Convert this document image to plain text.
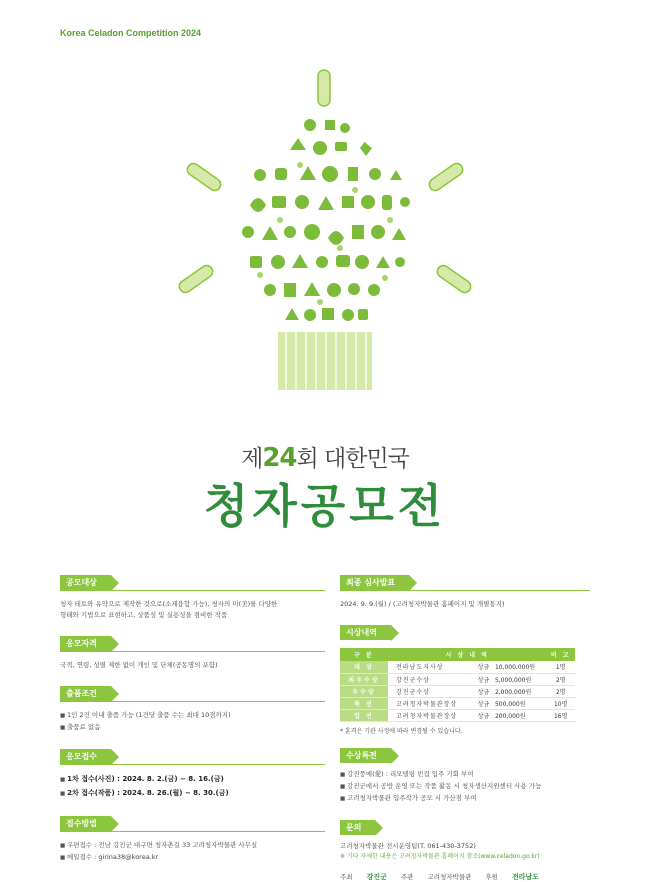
Korea Celadon Competition 2024
제24회 대한민국
청자공모전
공모대상
청자 테토와 유약으로 제작한 것으로(소재융합 가능), 청자의 미(美)를 다양한
형태와 기법으로 표현하고, 상품성 및 실용성을 겸비한 작품
응모자격
국적, 연령, 성별 제한 없이 개인 및 단체(공동명의 포함)
출품조건
■ 1인 2건 이내 출품 가능 (1건당 출품 수는 최대 10점까지)
■ 출품료 없음
응모접수
■ 1차 접수(사진) : 2024. 8. 2.(금) ~ 8. 16.(금)
■ 2차 접수(작품) : 2024. 8. 26.(월) ~ 8. 30.(금)
접수방법
■ 우편접수 : 전남 강진군 대구면 청자촌길 33 고려청자박물관 사무실
■ 메일접수 : girina38@korea.kr
최종 심사발표
2024. 9. 9.(월) / (고려청자박물관 홈페이지 및 개별통지)
시상내역
구 분	시 상 내 역			비 고
대 상	전라남도지사상	상금	10,000,000원	1명
최우수상	강진군수상	상금	5,000,000원	2명
우수상	강진군수상	상금	2,000,000원	2명
특 선	고려청자박물관장상	상금	500,000원	10명
입 선	고려청자박물관장상	상금	200,000원	16명
* 훈격은 기관 사정에 따라 변경될 수 있습니다.
수상특전
■ 강진풍예(愛) : 리모델링 빈집 입주 기회 부여
■ 강진군에서 공방 운영 또는 작품 활동 시 청자생산지원센터 사용 가능
■ 고려청자박물관 입주작가 공모 시 가산점 부여
문의
고려청자박물관 전시운영팀(T. 061-430-3752)
※ 기타 자세한 내용은 고려청자박물관 홈페이지 참조(www.celadon.go.kr)
주최 강진군 주관 고려청자박물관 후원 전라남도
